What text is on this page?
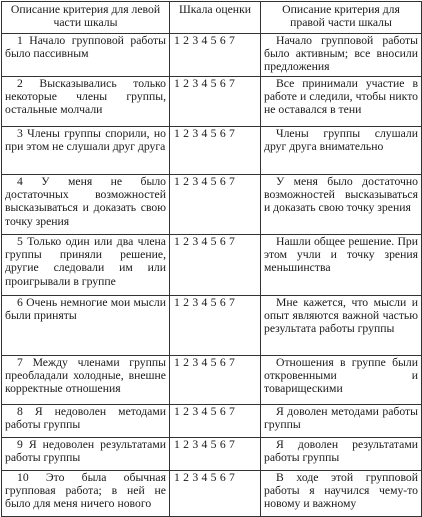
Описание критерия для левой части шкалы	Шкала оценки	Описание критерия для правой части шкалы

1 Начало групповой работы было пассивным	1 2 3 4 5 6 7	Начало групповой работы было активным; все вносили предложения

2 Высказывались только некоторые члены группы, остальные молчали	1 2 3 4 5 6 7	Все принимали участие в работе и следили, чтобы никто не оставался в тени

3 Члены группы спорили, но при этом не слушали друг друга	1 2 3 4 5 6 7	Члены группы слушали друг друга внимательно

4 У меня не было достаточных возможностей высказываться и доказать свою точку зрения	1 2 3 4 5 6 7	У меня было достаточно возможностей высказываться и доказать свою точку зрения

5 Только один или два члена группы приняли решение, другие следовали им или проигрывали в группе	1 2 3 4 5 6 7	Нашли общее решение. При этом учли и точку зрения меньшинства

6 Очень немногие мои мысли были приняты	1 2 3 4 5 6 7	Мне кажется, что мысли и опыт являются важной частью результата работы группы

7 Между членами группы преобладали холодные, внешне корректные отношения	1 2 3 4 5 6 7	Отношения в группе были откровенными и товарищескими

8 Я недоволен методами работы группы	1 2 3 4 5 6 7	Я доволен методами работы группы

9 Я недоволен результатами работы группы	1 2 3 4 5 6 7	Я доволен результатами работы группы

10 Это была обычная групповая работа; в ней не было для меня ничего нового	1 2 3 4 5 6 7	В ходе этой групповой работы я научился чему-то новому и важному
